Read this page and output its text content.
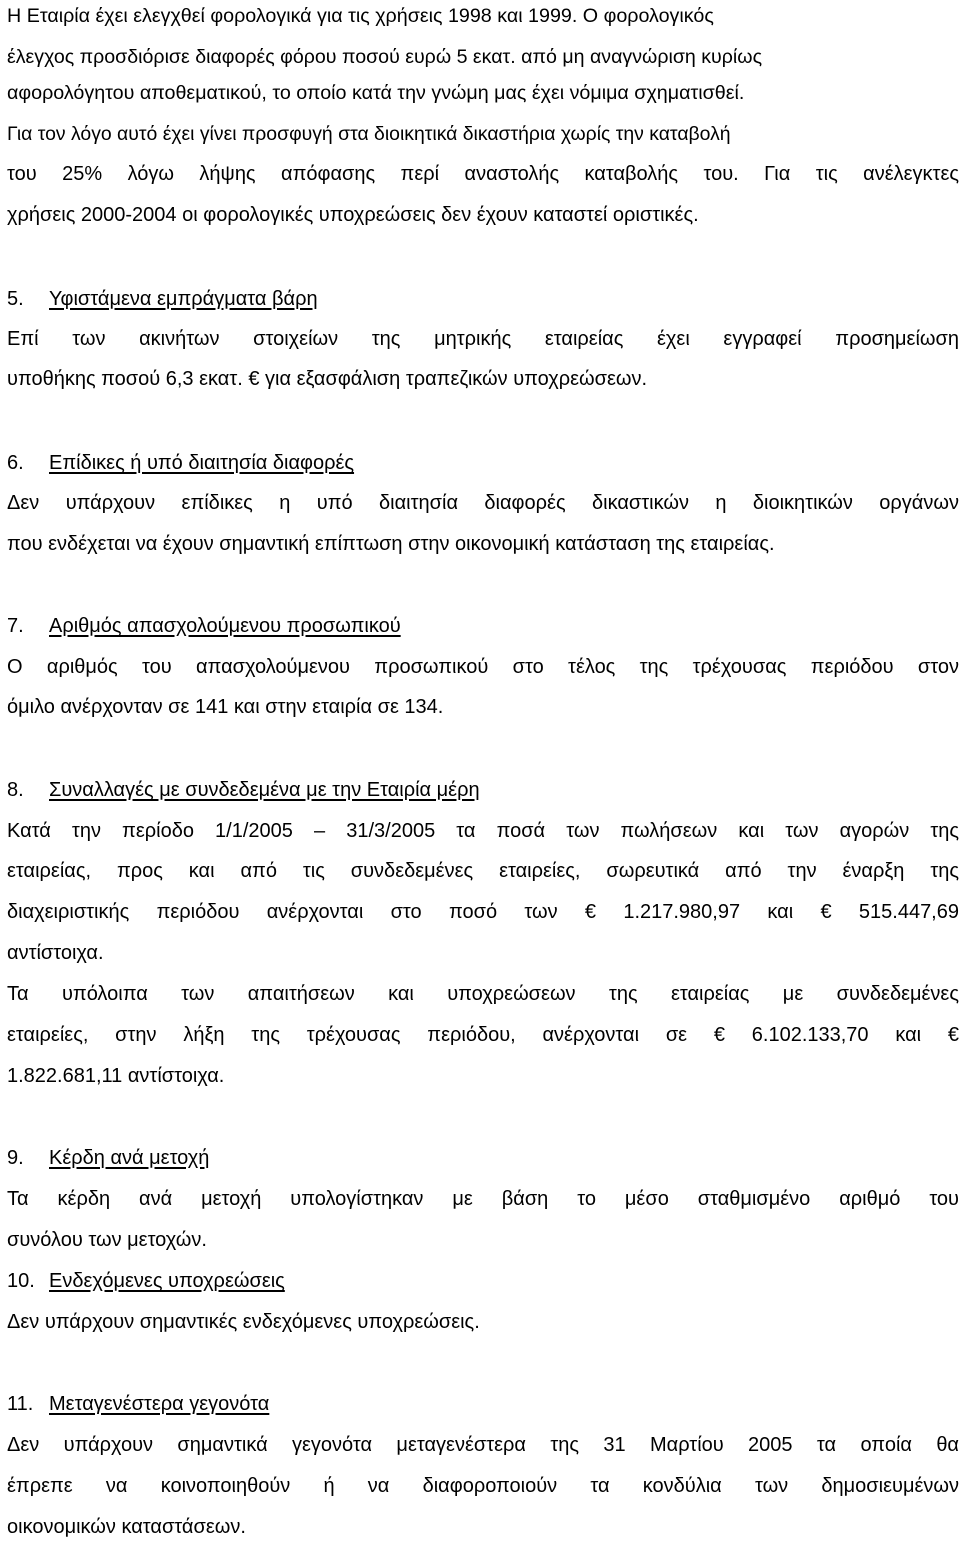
Η Εταιρία έχει ελεγχθεί φορολογικά για τις χρήσεις 1998 και 1999. Ο φορολογικός
έλεγχος προσδιόρισε διαφορές φόρου ποσού ευρώ 5 εκατ. από μη αναγνώριση κυρίως
αφορολόγητου αποθεματικού, το οποίο κατά την γνώμη μας έχει νόμιμα σχηματισθεί.
Για τον λόγο αυτό έχει γίνει προσφυγή στα διοικητικά δικαστήρια χωρίς την καταβολή
του 25% λόγω λήψης απόφασης περί αναστολής καταβολής του. Για τις ανέλεγκτες
χρήσεις 2000-2004 οι φορολογικές υποχρεώσεις δεν έχουν καταστεί οριστικές.
5. Υφιστάμενα εμπράγματα βάρη
Επί των ακινήτων στοιχείων της μητρικής εταιρείας έχει εγγραφεί προσημείωση
υποθήκης ποσού 6,3 εκατ. € για εξασφάλιση τραπεζικών υποχρεώσεων.
6. Επίδικες ή υπό διαιτησία διαφορές
Δεν υπάρχουν επίδικες η υπό διαιτησία διαφορές δικαστικών η διοικητικών οργάνων
που ενδέχεται να έχουν σημαντική επίπτωση στην οικονομική κατάσταση της εταιρείας.
7. Αριθμός απασχολούμενου προσωπικού
Ο αριθμός του απασχολούμενου προσωπικού στο τέλος της τρέχουσας περιόδου στον
όμιλο ανέρχονταν σε 141 και στην εταιρία σε 134.
8. Συναλλαγές με συνδεδεμένα με την Εταιρία μέρη
Κατά την περίοδο 1/1/2005 – 31/3/2005 τα ποσά των πωλήσεων και των αγορών της
εταιρείας, προς και από τις συνδεδεμένες εταιρείες, σωρευτικά από την έναρξη της
διαχειριστικής περιόδου ανέρχονται στο ποσό των € 1.217.980,97 και € 515.447,69
αντίστοιχα.
Τα υπόλοιπα των απαιτήσεων και υποχρεώσεων της εταιρείας με συνδεδεμένες
εταιρείες, στην λήξη της τρέχουσας περιόδου, ανέρχονται σε € 6.102.133,70 και €
1.822.681,11 αντίστοιχα.
9. Κέρδη ανά μετοχή
Τα κέρδη ανά μετοχή υπολογίστηκαν με βάση το μέσο σταθμισμένο αριθμό του
συνόλου των μετοχών.
10. Ενδεχόμενες υποχρεώσεις
Δεν υπάρχουν σημαντικές ενδεχόμενες υποχρεώσεις.
11. Μεταγενέστερα γεγονότα
Δεν υπάρχουν σημαντικά γεγονότα μεταγενέστερα της 31 Μαρτίου 2005 τα οποία θα
έπρεπε να κοινοποιηθούν ή να διαφοροποιούν τα κονδύλια των δημοσιευμένων
οικονομικών καταστάσεων.
